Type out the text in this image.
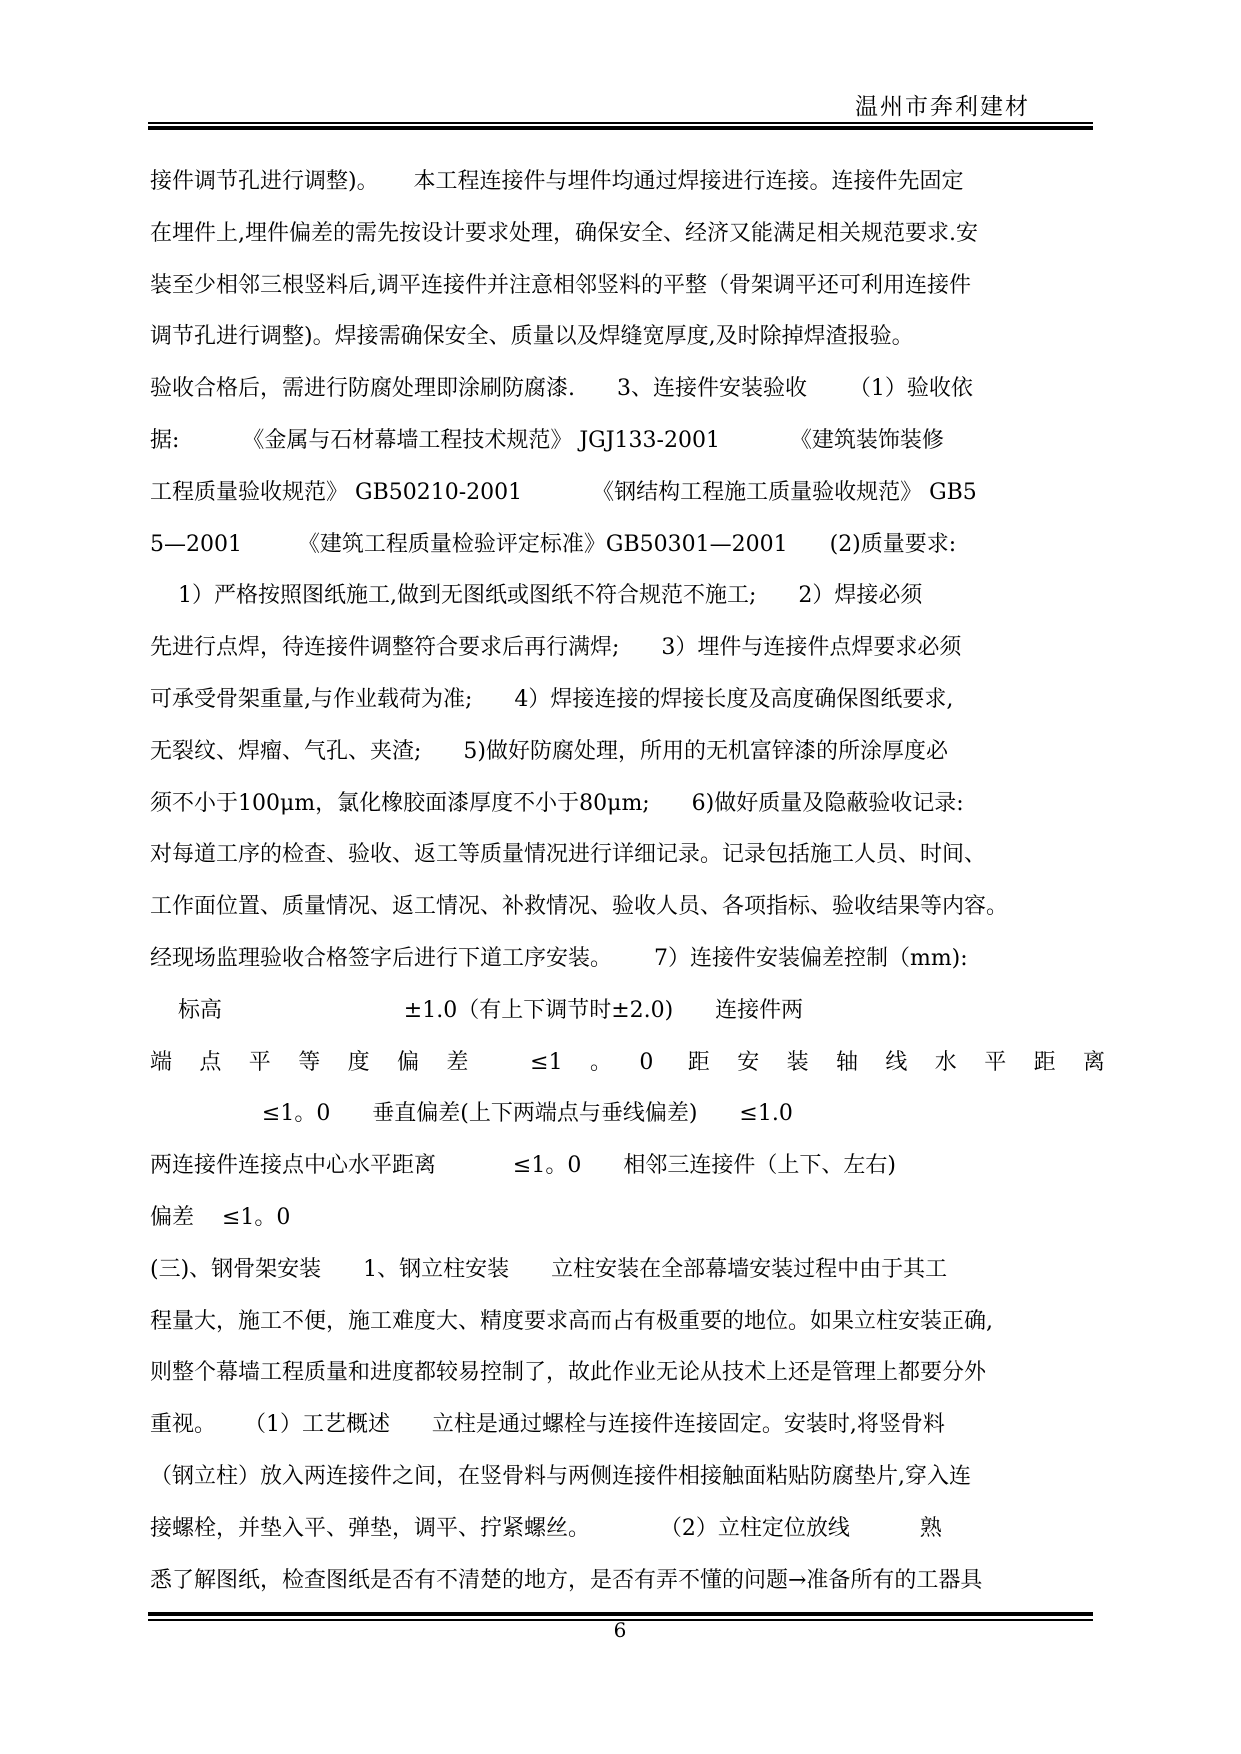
温州市奔利建材
接件调节孔进行调整)。     本工程连接件与埋件均通过焊接进行连接。连接件先固定
在埋件上,埋件偏差的需先按设计要求处理，确保安全、经济又能满足相关规范要求.安
装至少相邻三根竖料后,调平连接件并注意相邻竖料的平整（骨架调平还可利用连接件
调节孔进行调整)。焊接需确保安全、质量以及焊缝宽厚度,及时除掉焊渣报验。
验收合格后，需进行防腐处理即涂刷防腐漆.      3、连接件安装验收      （1）验收依
据:         《金属与石材幕墙工程技术规范》 JGJ133-2001          《建筑装饰装修
工程质量验收规范》 GB50210-2001          《钢结构工程施工质量验收规范》 GB5
5—2001        《建筑工程质量检验评定标准》GB50301—2001      (2)质量要求:
1）严格按照图纸施工,做到无图纸或图纸不符合规范不施工;      2）焊接必须
先进行点焊，待连接件调整符合要求后再行满焊;      3）埋件与连接件点焊要求必须
可承受骨架重量,与作业载荷为准;      4）焊接连接的焊接长度及高度确保图纸要求,
无裂纹、焊瘤、气孔、夹渣;      5)做好防腐处理，所用的无机富锌漆的所涂厚度必
须不小于100μm，氯化橡胶面漆厚度不小于80μm;      6)做好质量及隐蔽验收记录:
对每道工序的检查、验收、返工等质量情况进行详细记录。记录包括施工人员、时间、
工作面位置、质量情况、返工情况、补救情况、验收人员、各项指标、验收结果等内容。
经现场监理验收合格签字后进行下道工序安装。      7）连接件安装偏差控制（mm):
标高                          ±1.0（有上下调节时±2.0)      连接件两
端点平等度偏差 ≤1。0 距安装轴线水平距离
≤1。0      垂直偏差(上下两端点与垂线偏差)      ≤1.0
两连接件连接点中心水平距离           ≤1。0      相邻三连接件（上下、左右)
偏差    ≤1。0
(三)、钢骨架安装      1、钢立柱安装      立柱安装在全部幕墙安装过程中由于其工
程量大，施工不便，施工难度大、精度要求高而占有极重要的地位。如果立柱安装正确,
则整个幕墙工程质量和进度都较易控制了，故此作业无论从技术上还是管理上都要分外
重视。    （1）工艺概述      立柱是通过螺栓与连接件连接固定。安装时,将竖骨料
（钢立柱）放入两连接件之间，在竖骨料与两侧连接件相接触面粘贴防腐垫片,穿入连
接螺栓，并垫入平、弹垫，调平、拧紧螺丝。          （2）立柱定位放线          熟
悉了解图纸，检查图纸是否有不清楚的地方，是否有弄不懂的问题→准备所有的工器具
6
